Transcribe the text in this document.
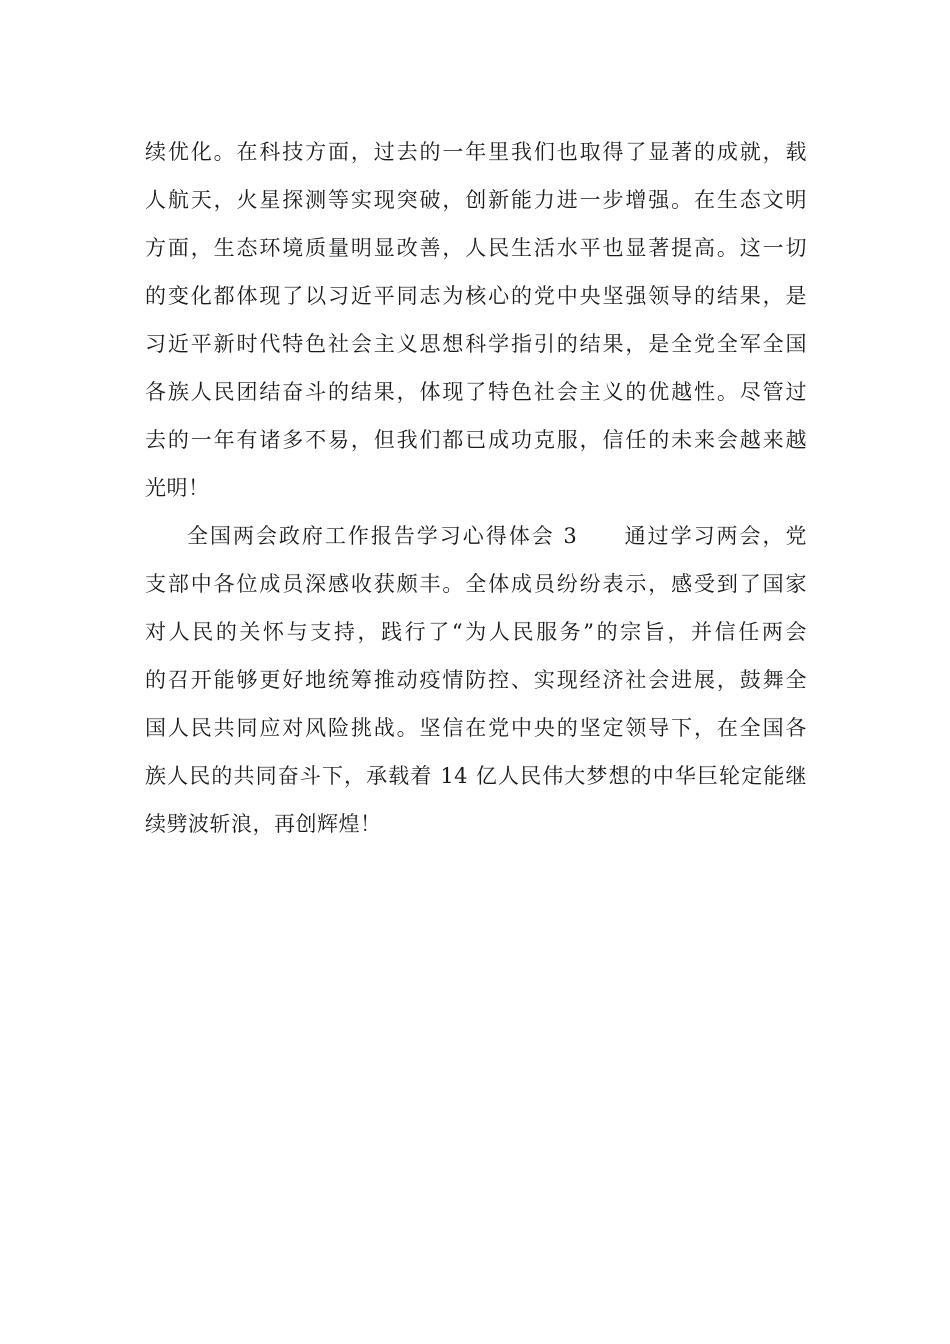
续优化。在科技方面，过去的一年里我们也取得了显著的成就，载
人航天，火星探测等实现突破，创新能力进一步增强。在生态文明
方面，生态环境质量明显改善，人民生活水平也显著提高。这一切
的变化都体现了以习近平同志为核心的党中央坚强领导的结果，是
习近平新时代特色社会主义思想科学指引的结果，是全党全军全国
各族人民团结奋斗的结果，体现了特色社会主义的优越性。尽管过
去的一年有诸多不易，但我们都已成功克服，信任的未来会越来越
光明！
全国两会政府工作报告学习心得体会 3　　通过学习两会，党
支部中各位成员深感收获颇丰。全体成员纷纷表示，感受到了国家
对人民的关怀与支持，践行了“为人民服务”的宗旨，并信任两会
的召开能够更好地统筹推动疫情防控、实现经济社会进展，鼓舞全
国人民共同应对风险挑战。坚信在党中央的坚定领导下，在全国各
族人民的共同奋斗下，承载着 14 亿人民伟大梦想的中华巨轮定能继
续劈波斩浪，再创辉煌！
